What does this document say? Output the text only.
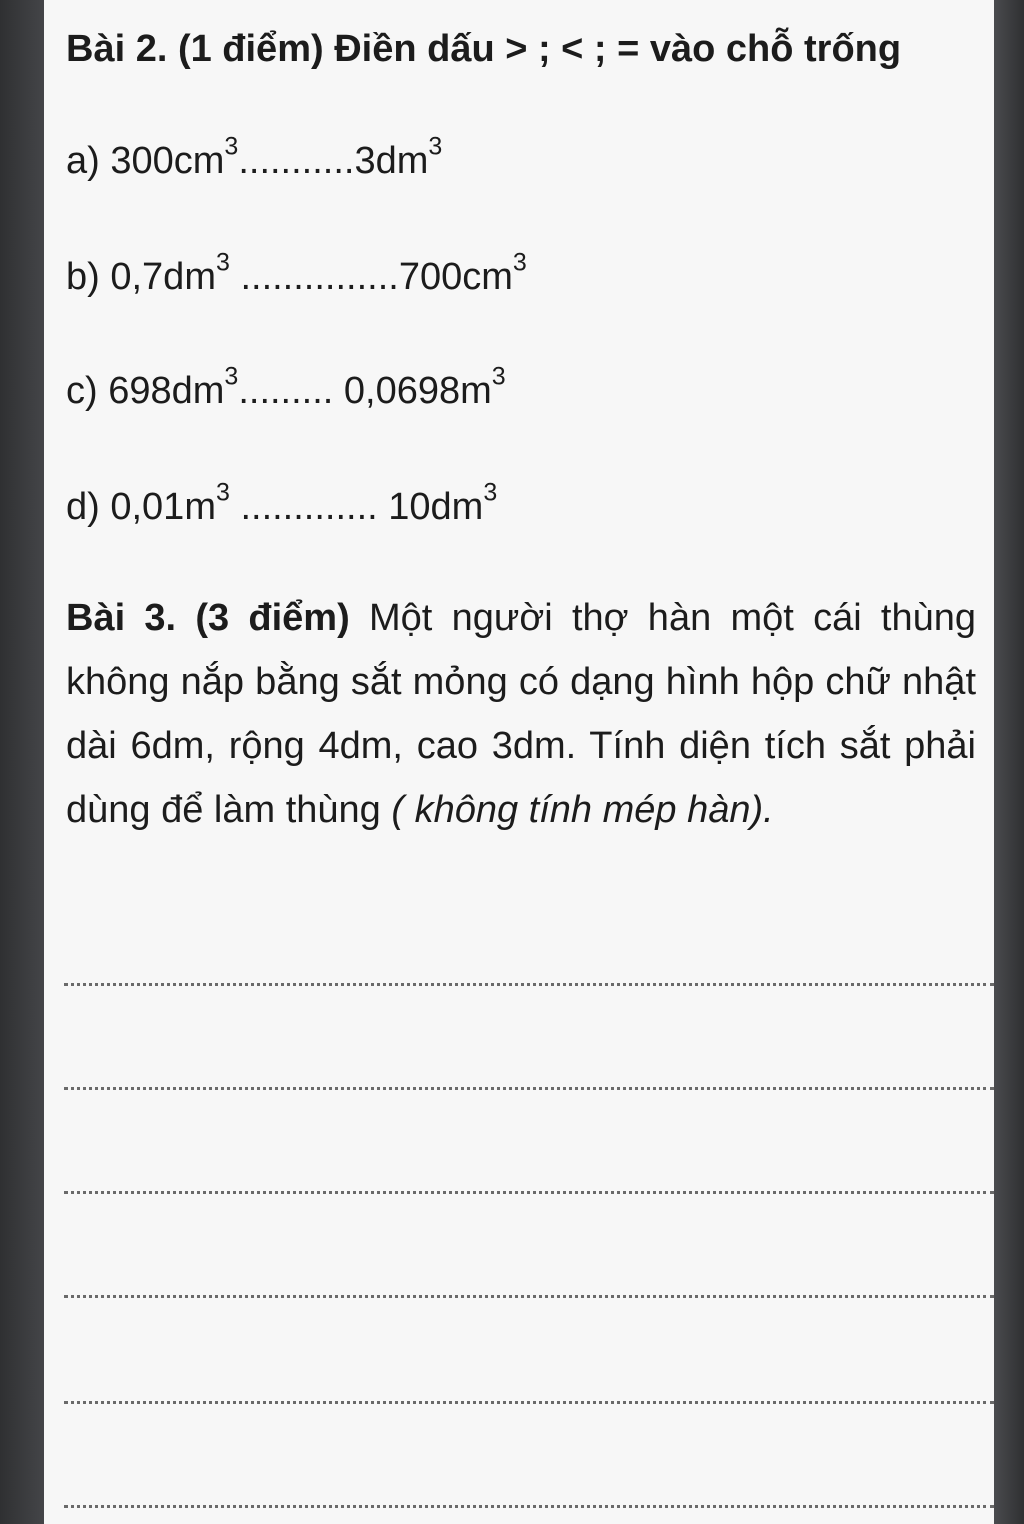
Bài 2. (1 điểm) Điền dấu > ; < ; = vào chỗ trống
a) $300cm^3...........3dm^3$
b) $0,7dm^3$ $...............700cm^3$
c) $698dm^3$......... $0,0698m^3$
d) $0,01m^3$ ............. $10dm^3$
Bài 3. (3 điểm) Một người thợ hàn một cái thùng không nắp bằng sắt mỏng có dạng hình hộp chữ nhật dài 6dm, rộng 4dm, cao 3dm. Tính diện tích sắt phải dùng để làm thùng ( không tính mép hàn).
